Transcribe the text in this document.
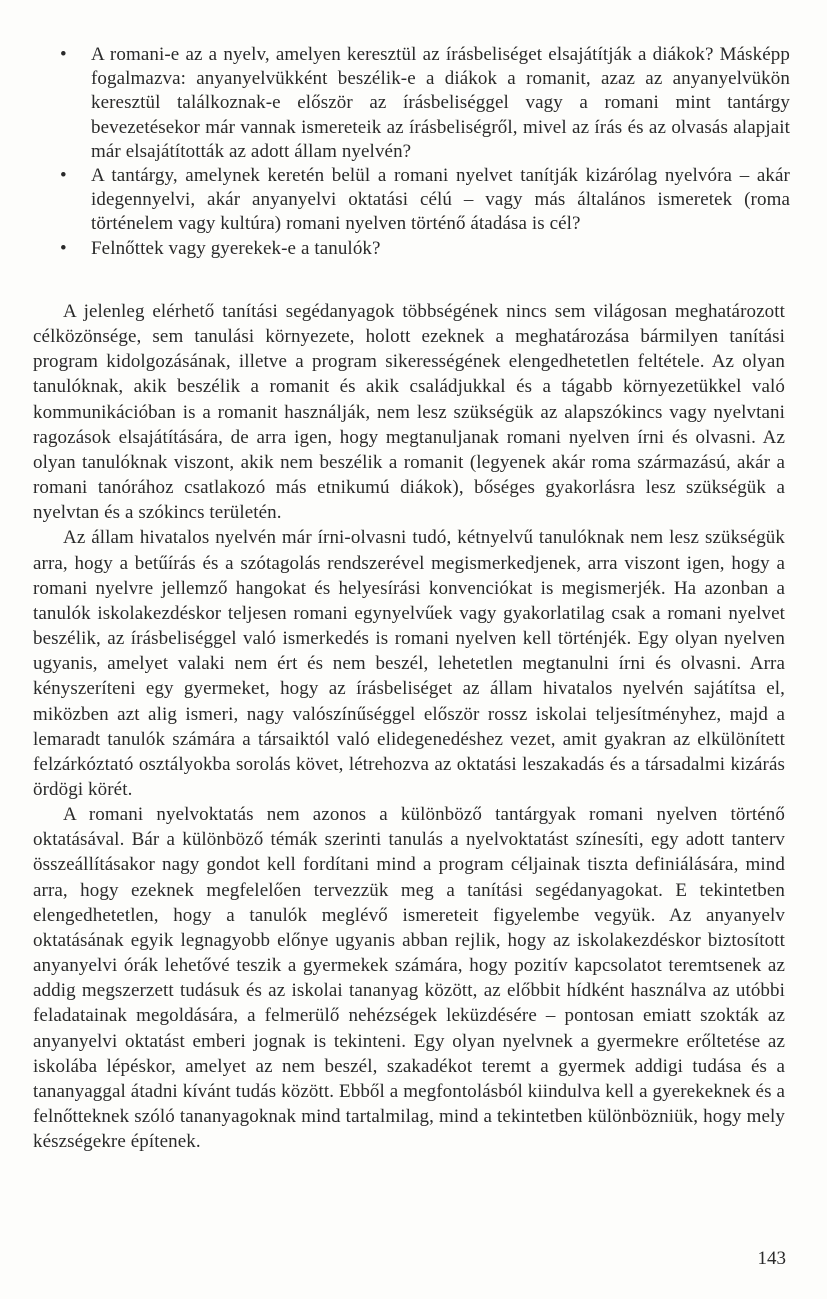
• A romani-e az a nyelv, amelyen keresztül az írásbeliséget elsajátítják a diákok? Másképp fogalmazva: anyanyelvükként beszélik-e a diákok a romanit, azaz az anyanyelvükön keresztül találkoznak-e először az írásbeliséggel vagy a romani mint tantárgy bevezetésekor már vannak ismereteik az írásbeliségről, mivel az írás és az olvasás alapjait már elsajátították az adott állam nyelvén?
• A tantárgy, amelynek keretén belül a romani nyelvet tanítják kizárólag nyelvóra – akár idegennyelvi, akár anyanyelvi oktatási célú – vagy más általános ismeretek (roma történelem vagy kultúra) romani nyelven történő átadása is cél?
• Felnőttek vagy gyerekek-e a tanulók?

A jelenleg elérhető tanítási segédanyagok többségének nincs sem világosan meghatározott célközönsége, sem tanulási környezete, holott ezeknek a meghatározása bármilyen tanítási program kidolgozásának, illetve a program sikerességének elengedhetetlen feltétele. Az olyan tanulóknak, akik beszélik a romanit és akik családjukkal és a tágabb környezetükkel való kommunikációban is a romanit használják, nem lesz szükségük az alapszókincs vagy nyelvtani ragozások elsajátítására, de arra igen, hogy megtanuljanak romani nyelven írni és olvasni. Az olyan tanulóknak viszont, akik nem beszélik a romanit (legyenek akár roma származású, akár a romani tanórához csatlakozó más etnikumú diákok), bőséges gyakorlásra lesz szükségük a nyelvtan és a szókincs területén.

Az állam hivatalos nyelvén már írni-olvasni tudó, kétnyelvű tanulóknak nem lesz szükségük arra, hogy a betűírás és a szótagolás rendszerével megismerkedjenek, arra viszont igen, hogy a romani nyelvre jellemző hangokat és helyesírási konvenciókat is megismerjék. Ha azonban a tanulók iskolakezdéskor teljesen romani egynyelvűek vagy gyakorlatilag csak a romani nyelvet beszélik, az írásbeliséggel való ismerkedés is romani nyelven kell történjék. Egy olyan nyelven ugyanis, amelyet valaki nem ért és nem beszél, lehetetlen megtanulni írni és olvasni. Arra kényszeríteni egy gyermeket, hogy az írásbeliséget az állam hivatalos nyelvén sajátítsa el, miközben azt alig ismeri, nagy valószínűséggel először rossz iskolai teljesítményhez, majd a lemaradt tanulók számára a társaiktól való elidegenedéshez vezet, amit gyakran az elkülönített felzárkóztató osztályokba sorolás követ, létrehozva az oktatási leszakadás és a társadalmi kizárás ördögi körét.

A romani nyelvoktatás nem azonos a különböző tantárgyak romani nyelven történő oktatásával. Bár a különböző témák szerinti tanulás a nyelvoktatást színesíti, egy adott tanterv összeállításakor nagy gondot kell fordítani mind a program céljainak tiszta definiálására, mind arra, hogy ezeknek megfelelően tervezzük meg a tanítási segédanyagokat. E tekintetben elengedhetetlen, hogy a tanulók meglévő ismereteit figyelembe vegyük. Az anyanyelv oktatásának egyik legnagyobb előnye ugyanis abban rejlik, hogy az iskolakezdéskor biztosított anyanyelvi órák lehetővé teszik a gyermekek számára, hogy pozitív kapcsolatot teremtsenek az addig megszerzett tudásuk és az iskolai tananyag között, az előbbit hídként használva az utóbbi feladatainak megoldására, a felmerülő nehézségek leküzdésére – pontosan emiatt szokták az anyanyelvi oktatást emberi jognak is tekinteni. Egy olyan nyelvnek a gyermekre erőltetése az iskolába lépéskor, amelyet az nem beszél, szakadékot teremt a gyermek addigi tudása és a tananyaggal átadni kívánt tudás között. Ebből a megfontolásból kiindulva kell a gyerekeknek és a felnőtteknek szóló tananyagoknak mind tartalmilag, mind a tekintetben különbözniük, hogy mely készségekre építenek.

143
